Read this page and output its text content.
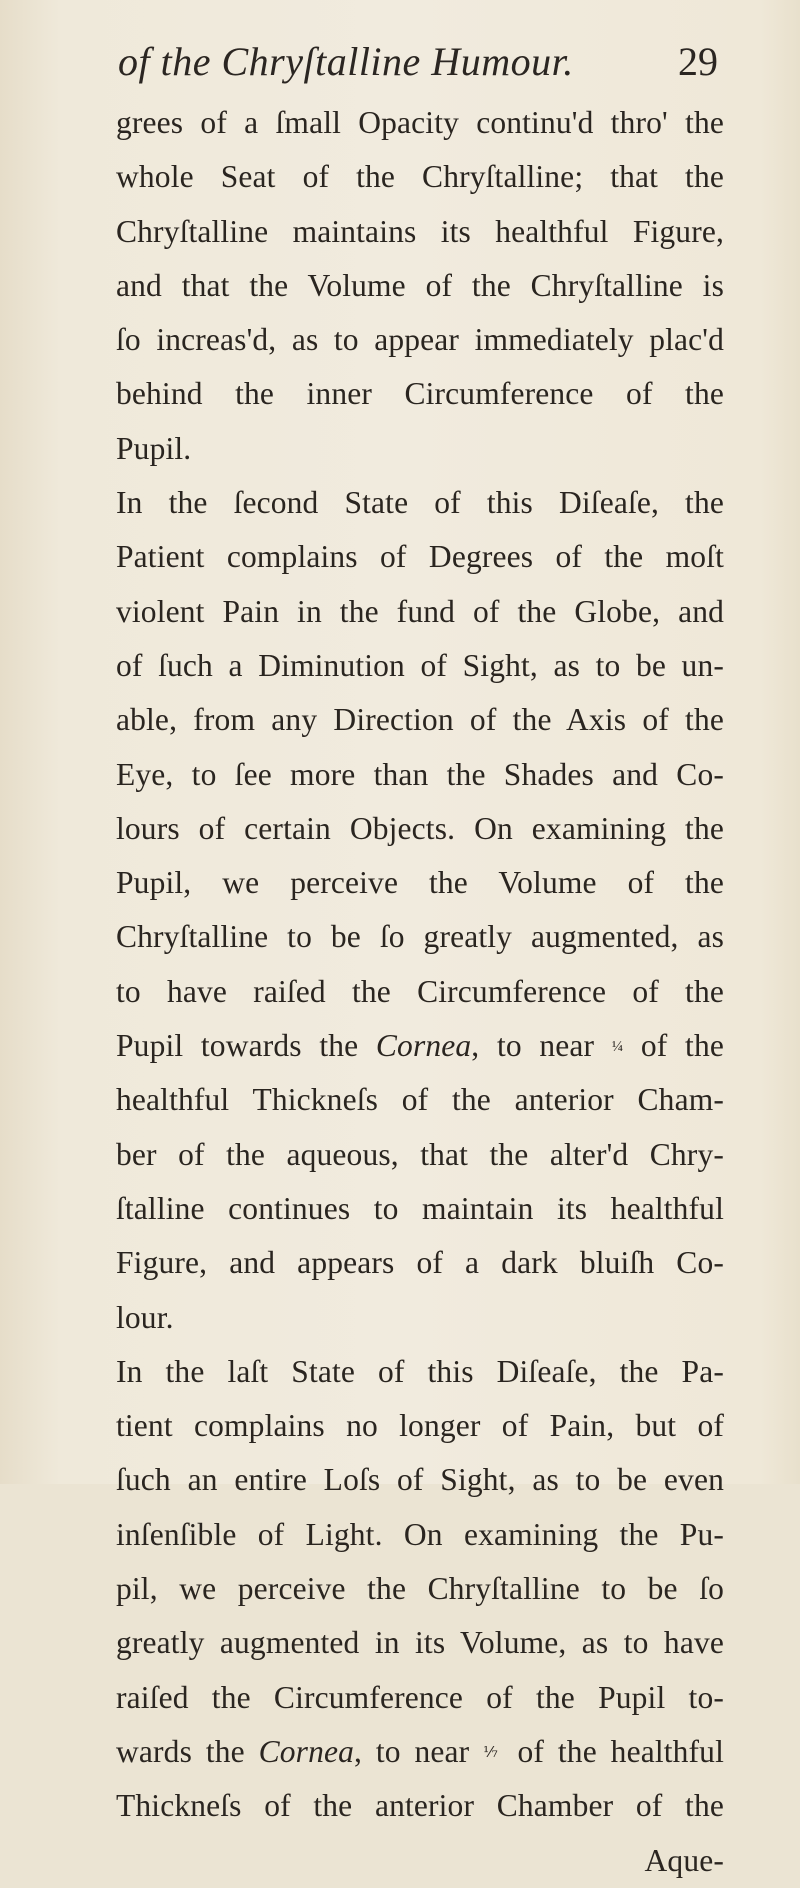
of the Chryſtalline Humour.	29
grees of a ſmall Opacity continu'd thro' the
whole Seat of the Chryſtalline; that the
Chryſtalline maintains its healthful Figure,
and that the Volume of the Chryſtalline is
ſo increas'd, as to appear immediately plac'd
behind the inner Circumference of the
Pupil.
In the ſecond State of this Diſeaſe, the
Patient complains of Degrees of the moſt
violent Pain in the fund of the Globe, and
of ſuch a Diminution of Sight, as to be un-
able, from any Direction of the Axis of the
Eye, to ſee more than the Shades and Co-
lours of certain Objects. On examining the
Pupil, we perceive the Volume of the
Chryſtalline to be ſo greatly augmented, as
to have raiſed the Circumference of the
Pupil towards the Cornea, to near ¼ of the
healthful Thickneſs of the anterior Cham-
ber of the aqueous, that the alter'd Chry-
ſtalline continues to maintain its healthful
Figure, and appears of a dark bluiſh Co-
lour.
In the laſt State of this Diſeaſe, the Pa-
tient complains no longer of Pain, but of
ſuch an entire Loſs of Sight, as to be even
inſenſible of Light. On examining the Pu-
pil, we perceive the Chryſtalline to be ſo
greatly augmented in its Volume, as to have
raiſed the Circumference of the Pupil to-
wards the Cornea, to near ⅐ of the healthful
Thickneſs of the anterior Chamber of the
Aque-
